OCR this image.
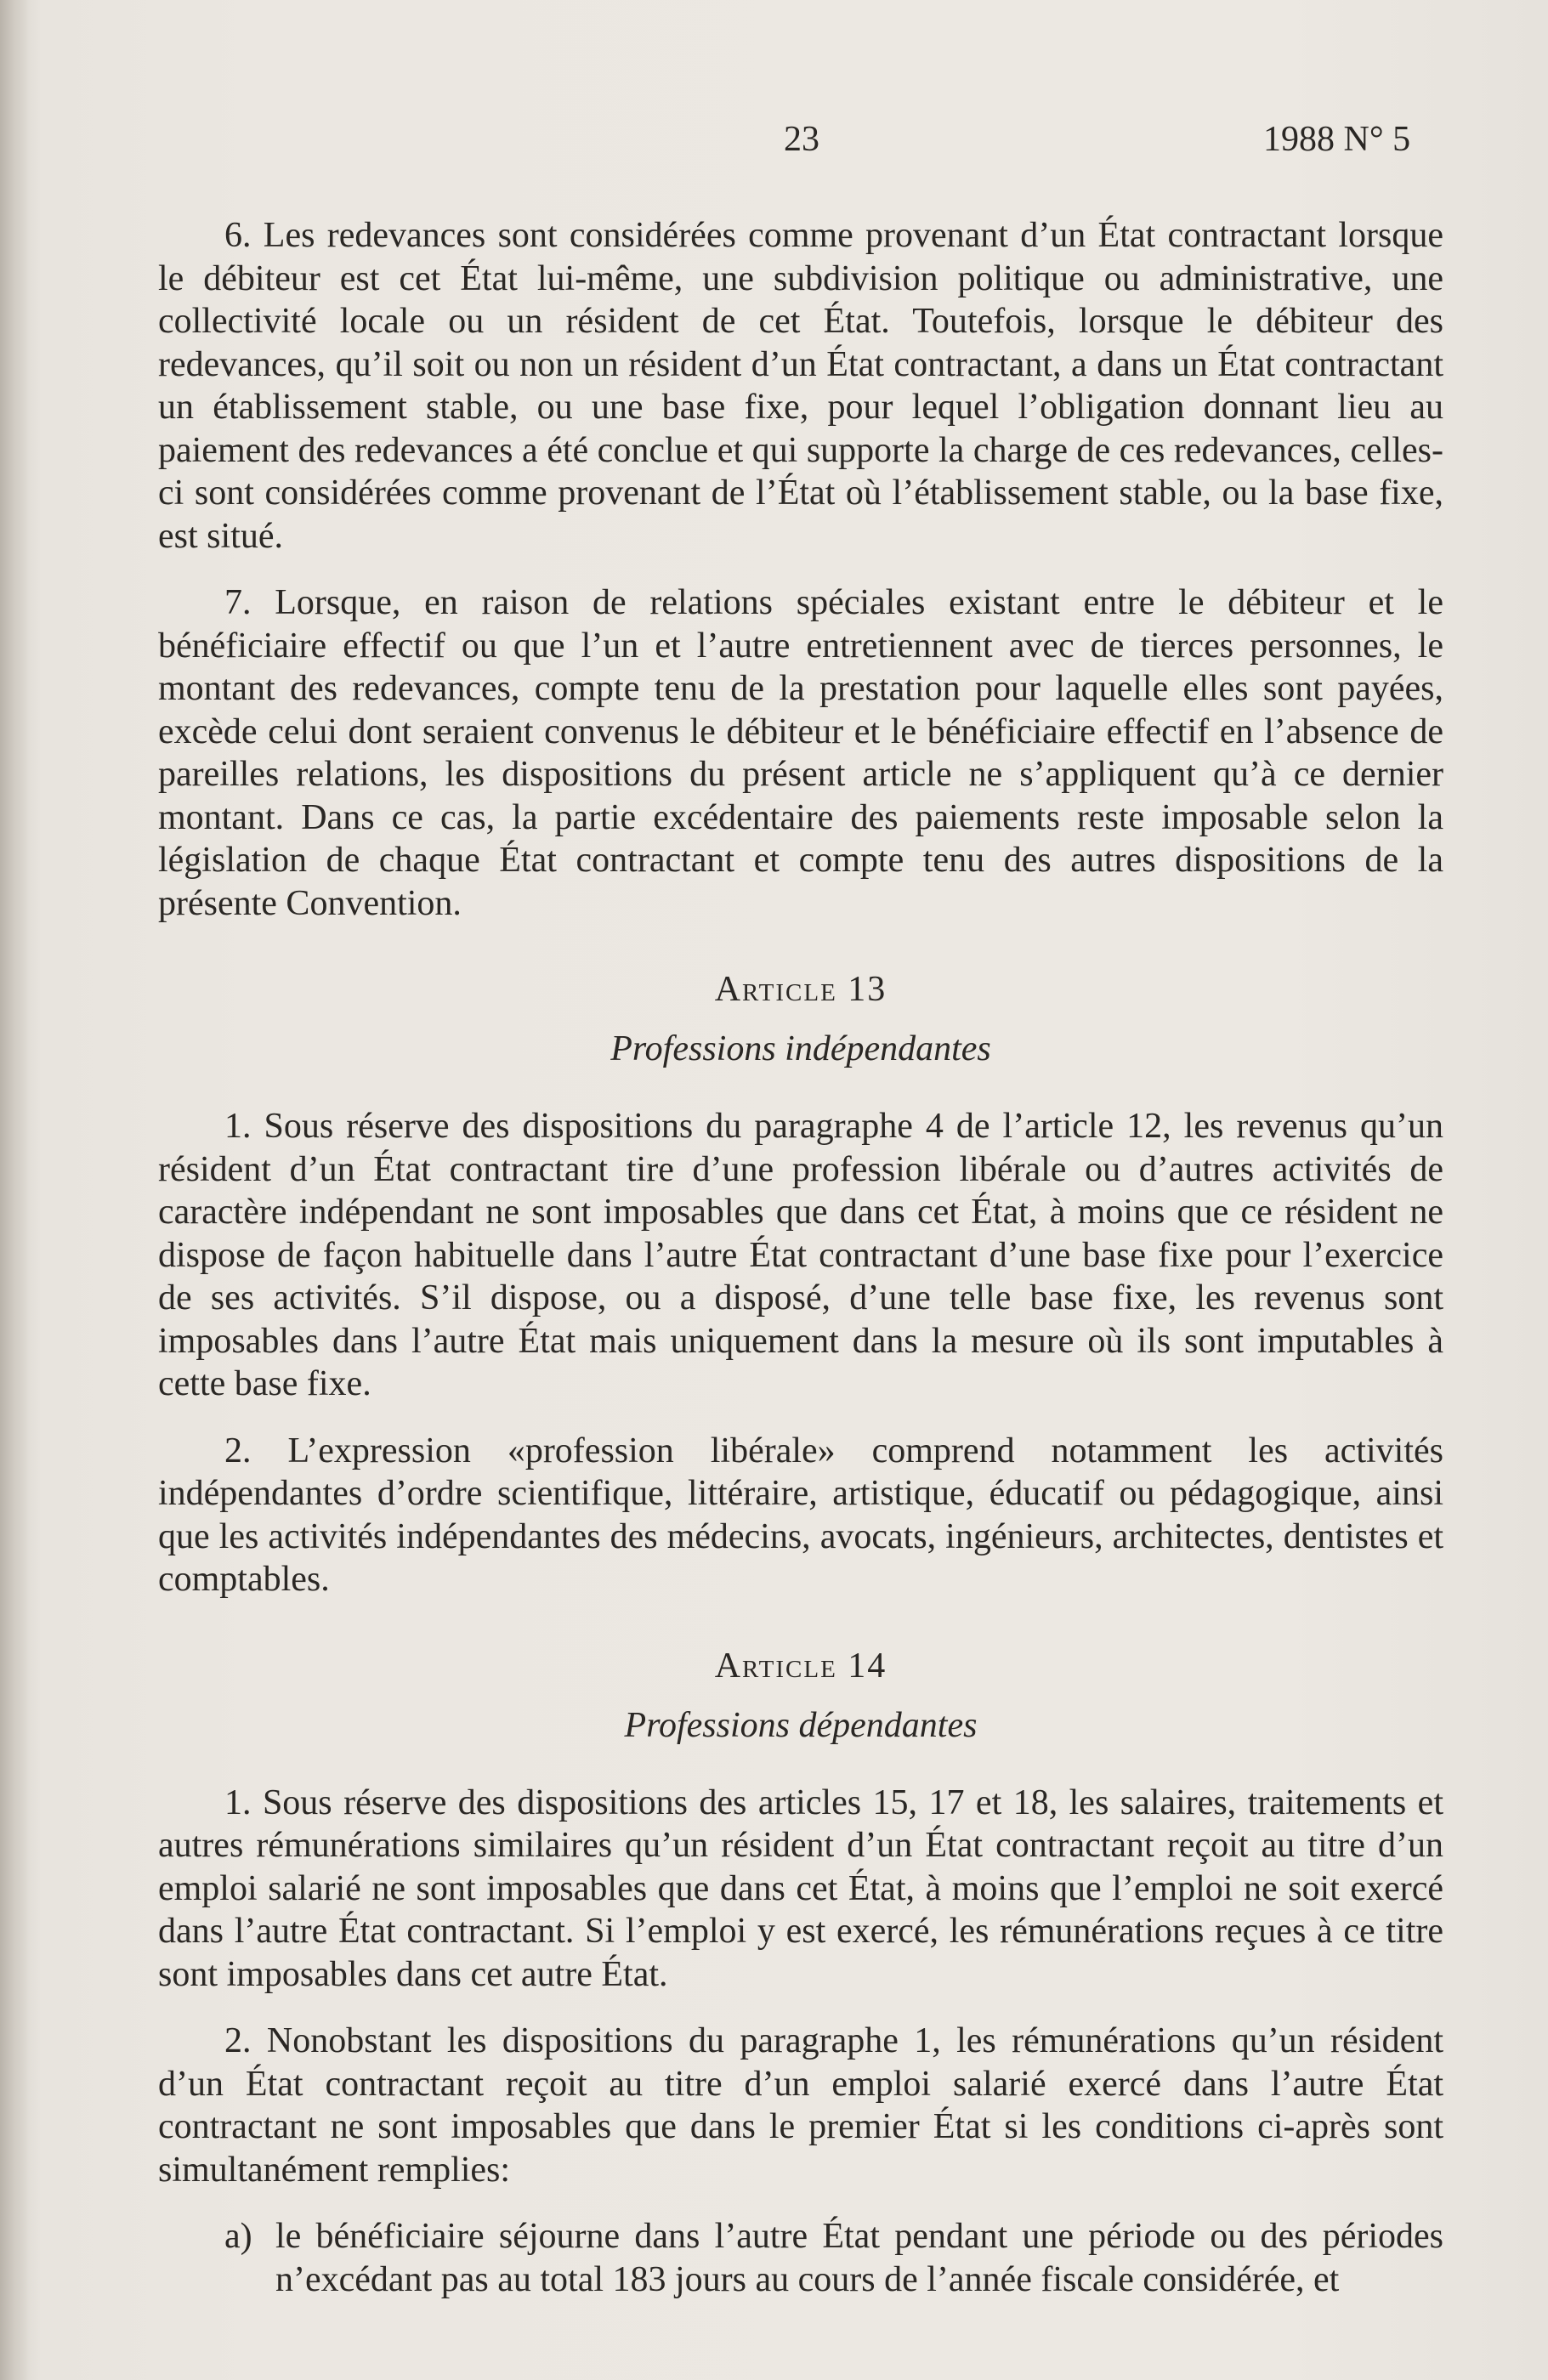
23	1988 N° 5

6. Les redevances sont considérées comme provenant d’un État contractant lorsque le débiteur est cet État lui-même, une subdivision politique ou administrative, une collectivité locale ou un résident de cet État. Toutefois, lorsque le débiteur des redevances, qu’il soit ou non un résident d’un État contractant, a dans un État contractant un établissement stable, ou une base fixe, pour lequel l’obligation donnant lieu au paiement des redevances a été conclue et qui supporte la charge de ces redevances, celles-ci sont considérées comme provenant de l’État où l’établissement stable, ou la base fixe, est situé.

7. Lorsque, en raison de relations spéciales existant entre le débiteur et le bénéficiaire effectif ou que l’un et l’autre entretiennent avec de tierces personnes, le montant des redevances, compte tenu de la prestation pour laquelle elles sont payées, excède celui dont seraient convenus le débiteur et le bénéficiaire effectif en l’absence de pareilles relations, les dispositions du présent article ne s’appliquent qu’à ce dernier montant. Dans ce cas, la partie excédentaire des paiements reste imposable selon la législation de chaque État contractant et compte tenu des autres dispositions de la présente Convention.

Article 13
Professions indépendantes

1. Sous réserve des dispositions du paragraphe 4 de l’article 12, les revenus qu’un résident d’un État contractant tire d’une profession libérale ou d’autres activités de caractère indépendant ne sont imposables que dans cet État, à moins que ce résident ne dispose de façon habituelle dans l’autre État contractant d’une base fixe pour l’exercice de ses activités. S’il dispose, ou a disposé, d’une telle base fixe, les revenus sont imposables dans l’autre État mais uniquement dans la mesure où ils sont imputables à cette base fixe.

2. L’expression «profession libérale» comprend notamment les activités indépendantes d’ordre scientifique, littéraire, artistique, éducatif ou pédagogique, ainsi que les activités indépendantes des médecins, avocats, ingénieurs, architectes, dentistes et comptables.

Article 14
Professions dépendantes

1. Sous réserve des dispositions des articles 15, 17 et 18, les salaires, traitements et autres rémunérations similaires qu’un résident d’un État contractant reçoit au titre d’un emploi salarié ne sont imposables que dans cet État, à moins que l’emploi ne soit exercé dans l’autre État contractant. Si l’emploi y est exercé, les rémunérations reçues à ce titre sont imposables dans cet autre État.

2. Nonobstant les dispositions du paragraphe 1, les rémunérations qu’un résident d’un État contractant reçoit au titre d’un emploi salarié exercé dans l’autre État contractant ne sont imposables que dans le premier État si les conditions ci-après sont simultanément remplies:

a) le bénéficiaire séjourne dans l’autre État pendant une période ou des périodes n’excédant pas au total 183 jours au cours de l’année fiscale considérée, et
